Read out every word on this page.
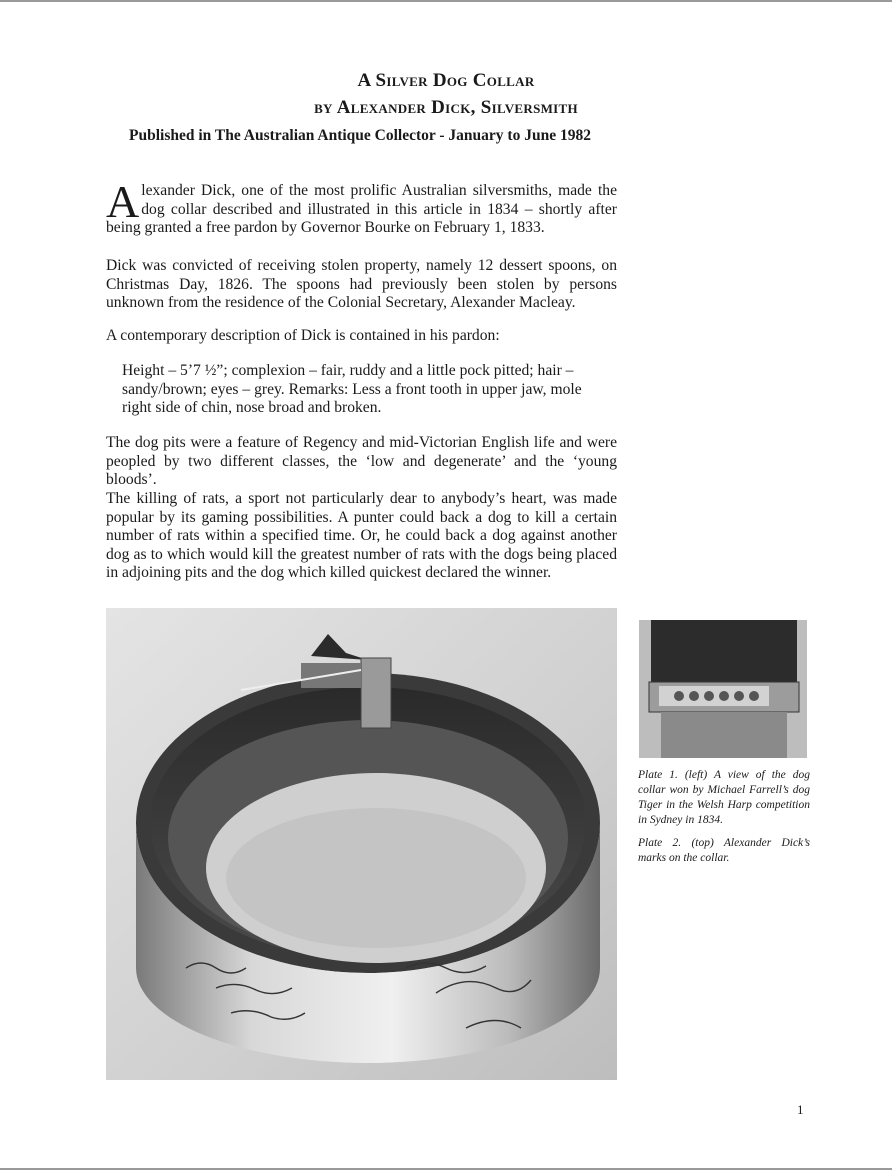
A Silver Dog Collar
by Alexander Dick, Silversmith
Published in The Australian Antique Collector - January to June 1982
Alexander Dick, one of the most prolific Australian silversmiths, made the dog collar described and illustrated in this article in 1834 – shortly after being granted a free pardon by Governor Bourke on February 1, 1833.
Dick was convicted of receiving stolen property, namely 12 dessert spoons, on Christmas Day, 1826. The spoons had previously been stolen by persons unknown from the residence of the Colonial Secretary, Alexander Macleay.
A contemporary description of Dick is contained in his pardon:
Height – 5’7 ½”; complexion – fair, ruddy and a little pock pitted; hair – sandy/brown; eyes – grey. Remarks: Less a front tooth in upper jaw, mole right side of chin, nose broad and broken.
The dog pits were a feature of Regency and mid-Victorian English life and were peopled by two different classes, the ‘low and degenerate’ and the ‘young bloods’.
The killing of rats, a sport not particularly dear to anybody’s heart, was made popular by its gaming possibilities. A punter could back a dog to kill a certain number of rats within a specified time. Or, he could back a dog against another dog as to which would kill the greatest number of rats with the dogs being placed in adjoining pits and the dog which killed quickest declared the winner.
Plate 1. (left) A view of the dog collar won by Michael Farrell’s dog Tiger in the Welsh Harp competition in Sydney in 1834.
Plate 2. (top) Alexander Dick’s marks on the collar.
1
